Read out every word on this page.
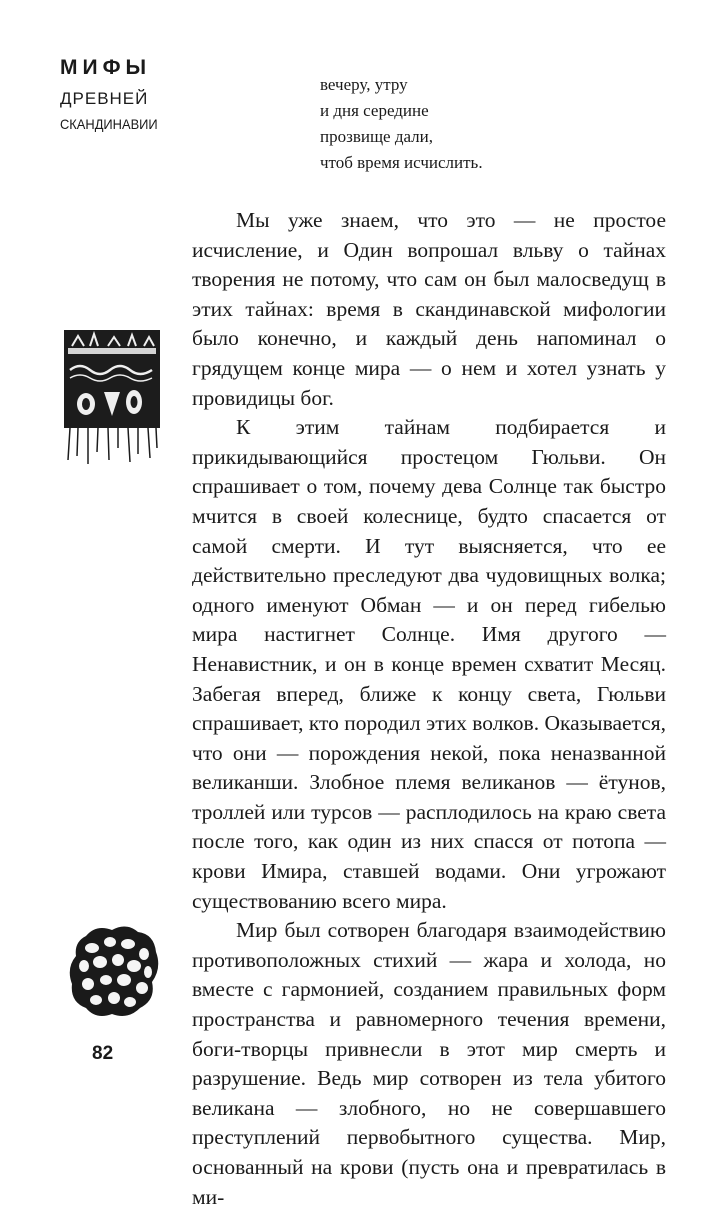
МИФЫ
ДРЕВНЕЙ
СКАНДИНАВИИ
вечеру, утру
и дня середине
прозвище дали,
чтоб время исчислить.

Мы уже знаем, что это — не простое исчисление, и Один вопрошал вльву о тайнах творения не потому, что сам он был малосведущ в этих тайнах: время в скандинавской мифологии было конечно, и каждый день напоминал о грядущем конце мира — о нем и хотел узнать у провидицы бог.

К этим тайнам подбирается и прикидывающийся простецом Гюльви. Он спрашивает о том, почему дева Солнце так быстро мчится в своей колеснице, будто спасается от самой смерти. И тут выясняется, что ее действительно преследуют два чудовищных волка; одного именуют Обман — и он перед гибелью мира настигнет Солнце. Имя другого — Ненавистник, и он в конце времен схватит Месяц. Забегая вперед, ближе к концу света, Гюльви спрашивает, кто породил этих волков. Оказывается, что они — порождения некой, пока неназванной великанши. Злобное племя великанов — ётунов, троллей или турсов — расплодилось на краю света после того, как один из них спасся от потопа — крови Имира, ставшей водами. Они угрожают существованию всего мира.

Мир был сотворен благодаря взаимодействию противоположных стихий — жара и холода, но вместе с гармонией, созданием правильных форм пространства и равномерного течения времени, боги-творцы привнесли в этот мир смерть и разрушение. Ведь мир сотворен из тела убитого великана — злобного, но не совершавшего преступлений первобытного существа. Мир, основанный на крови (пусть она и превратилась в ми-

82
